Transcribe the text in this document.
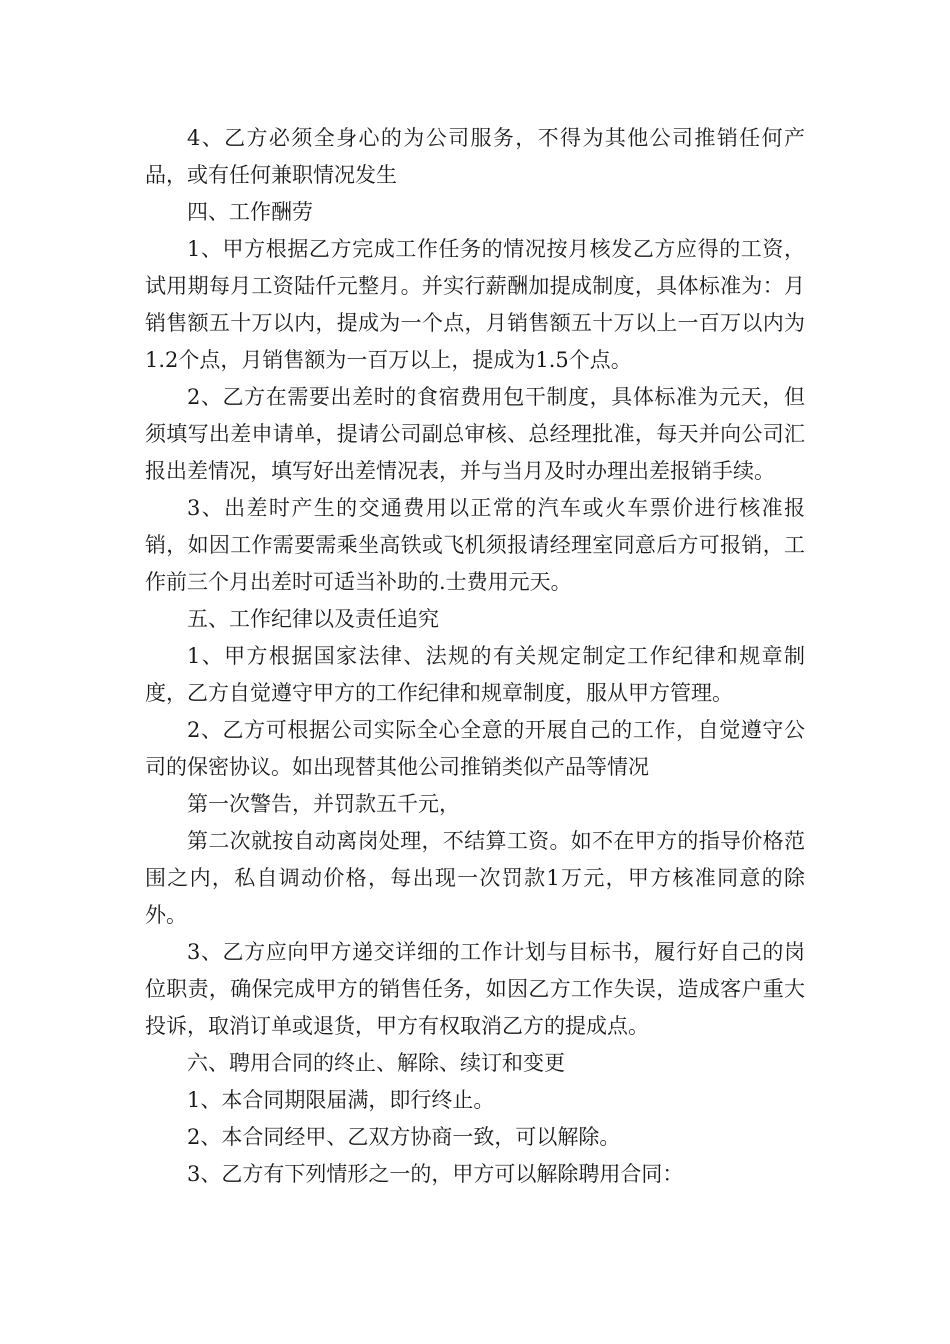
4、乙方必须全身心的为公司服务，不得为其他公司推销任何产品，或有任何兼职情况发生

四、工作酬劳

1、甲方根据乙方完成工作任务的情况按月核发乙方应得的工资，试用期每月工资陆仟元整月。并实行薪酬加提成制度，具体标准为：月销售额五十万以内，提成为一个点，月销售额五十万以上一百万以内为1.2个点，月销售额为一百万以上，提成为1.5个点。

2、乙方在需要出差时的食宿费用包干制度，具体标准为元天，但须填写出差申请单，提请公司副总审核、总经理批准，每天并向公司汇报出差情况，填写好出差情况表，并与当月及时办理出差报销手续。

3、出差时产生的交通费用以正常的汽车或火车票价进行核准报销，如因工作需要需乘坐高铁或飞机须报请经理室同意后方可报销，工作前三个月出差时可适当补助的.士费用元天。

五、工作纪律以及责任追究

1、甲方根据国家法律、法规的有关规定制定工作纪律和规章制度，乙方自觉遵守甲方的工作纪律和规章制度，服从甲方管理。

2、乙方可根据公司实际全心全意的开展自己的工作，自觉遵守公司的保密协议。如出现替其他公司推销类似产品等情况

第一次警告，并罚款五千元，

第二次就按自动离岗处理，不结算工资。如不在甲方的指导价格范围之内，私自调动价格，每出现一次罚款1万元，甲方核准同意的除外。

3、乙方应向甲方递交详细的工作计划与目标书，履行好自己的岗位职责，确保完成甲方的销售任务，如因乙方工作失误，造成客户重大投诉，取消订单或退货，甲方有权取消乙方的提成点。

六、聘用合同的终止、解除、续订和变更

1、本合同期限届满，即行终止。

2、本合同经甲、乙双方协商一致，可以解除。

3、乙方有下列情形之一的，甲方可以解除聘用合同：
